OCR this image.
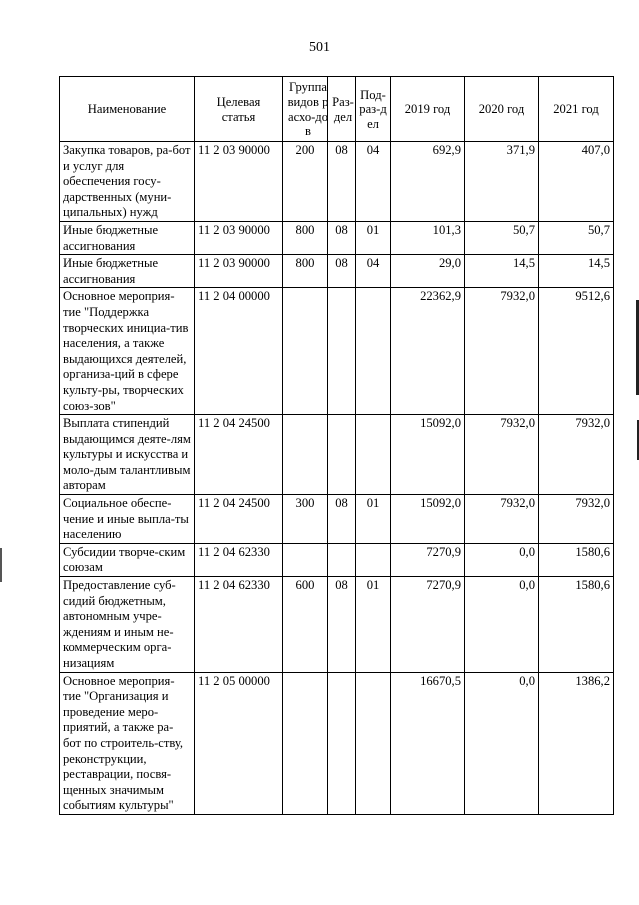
501
Наименование	Целевая статья	Группа видов расхо-дов	Раз-дел	Под-раз-дел	2019 год	2020 год	2021 год
Закупка товаров, ра-бот и услуг для обеспечения госу-дарственных (муни-ципальных) нужд	11 2 03 90000	200	08	04	692,9	371,9	407,0
Иные бюджетные ассигнования	11 2 03 90000	800	08	01	101,3	50,7	50,7
Иные бюджетные ассигнования	11 2 03 90000	800	08	04	29,0	14,5	14,5
Основное мероприя-тие "Поддержка творческих инициа-тив населения, а также выдающихся деятелей, организа-ций в сфере культу-ры, творческих союз-зов"	11 2 04 00000				22362,9	7932,0	9512,6
Выплата стипендий выдающимся деяте-лям культуры и искусства и моло-дым талантливым авторам	11 2 04 24500				15092,0	7932,0	7932,0
Социальное обеспе-чение и иные выпла-ты населению	11 2 04 24500	300	08	01	15092,0	7932,0	7932,0
Субсидии творче-ским союзам	11 2 04 62330				7270,9	0,0	1580,6
Предоставление суб-сидий бюджетным, автономным учре-ждениям и иным не-коммерческим орга-низациям	11 2 04 62330	600	08	01	7270,9	0,0	1580,6
Основное мероприя-тие "Организация и проведение меро-приятий, а также ра-бот по строитель-ству, реконструкции, реставрации, посвя-щенных значимым событиям культуры"	11 2 05 00000				16670,5	0,0	1386,2
